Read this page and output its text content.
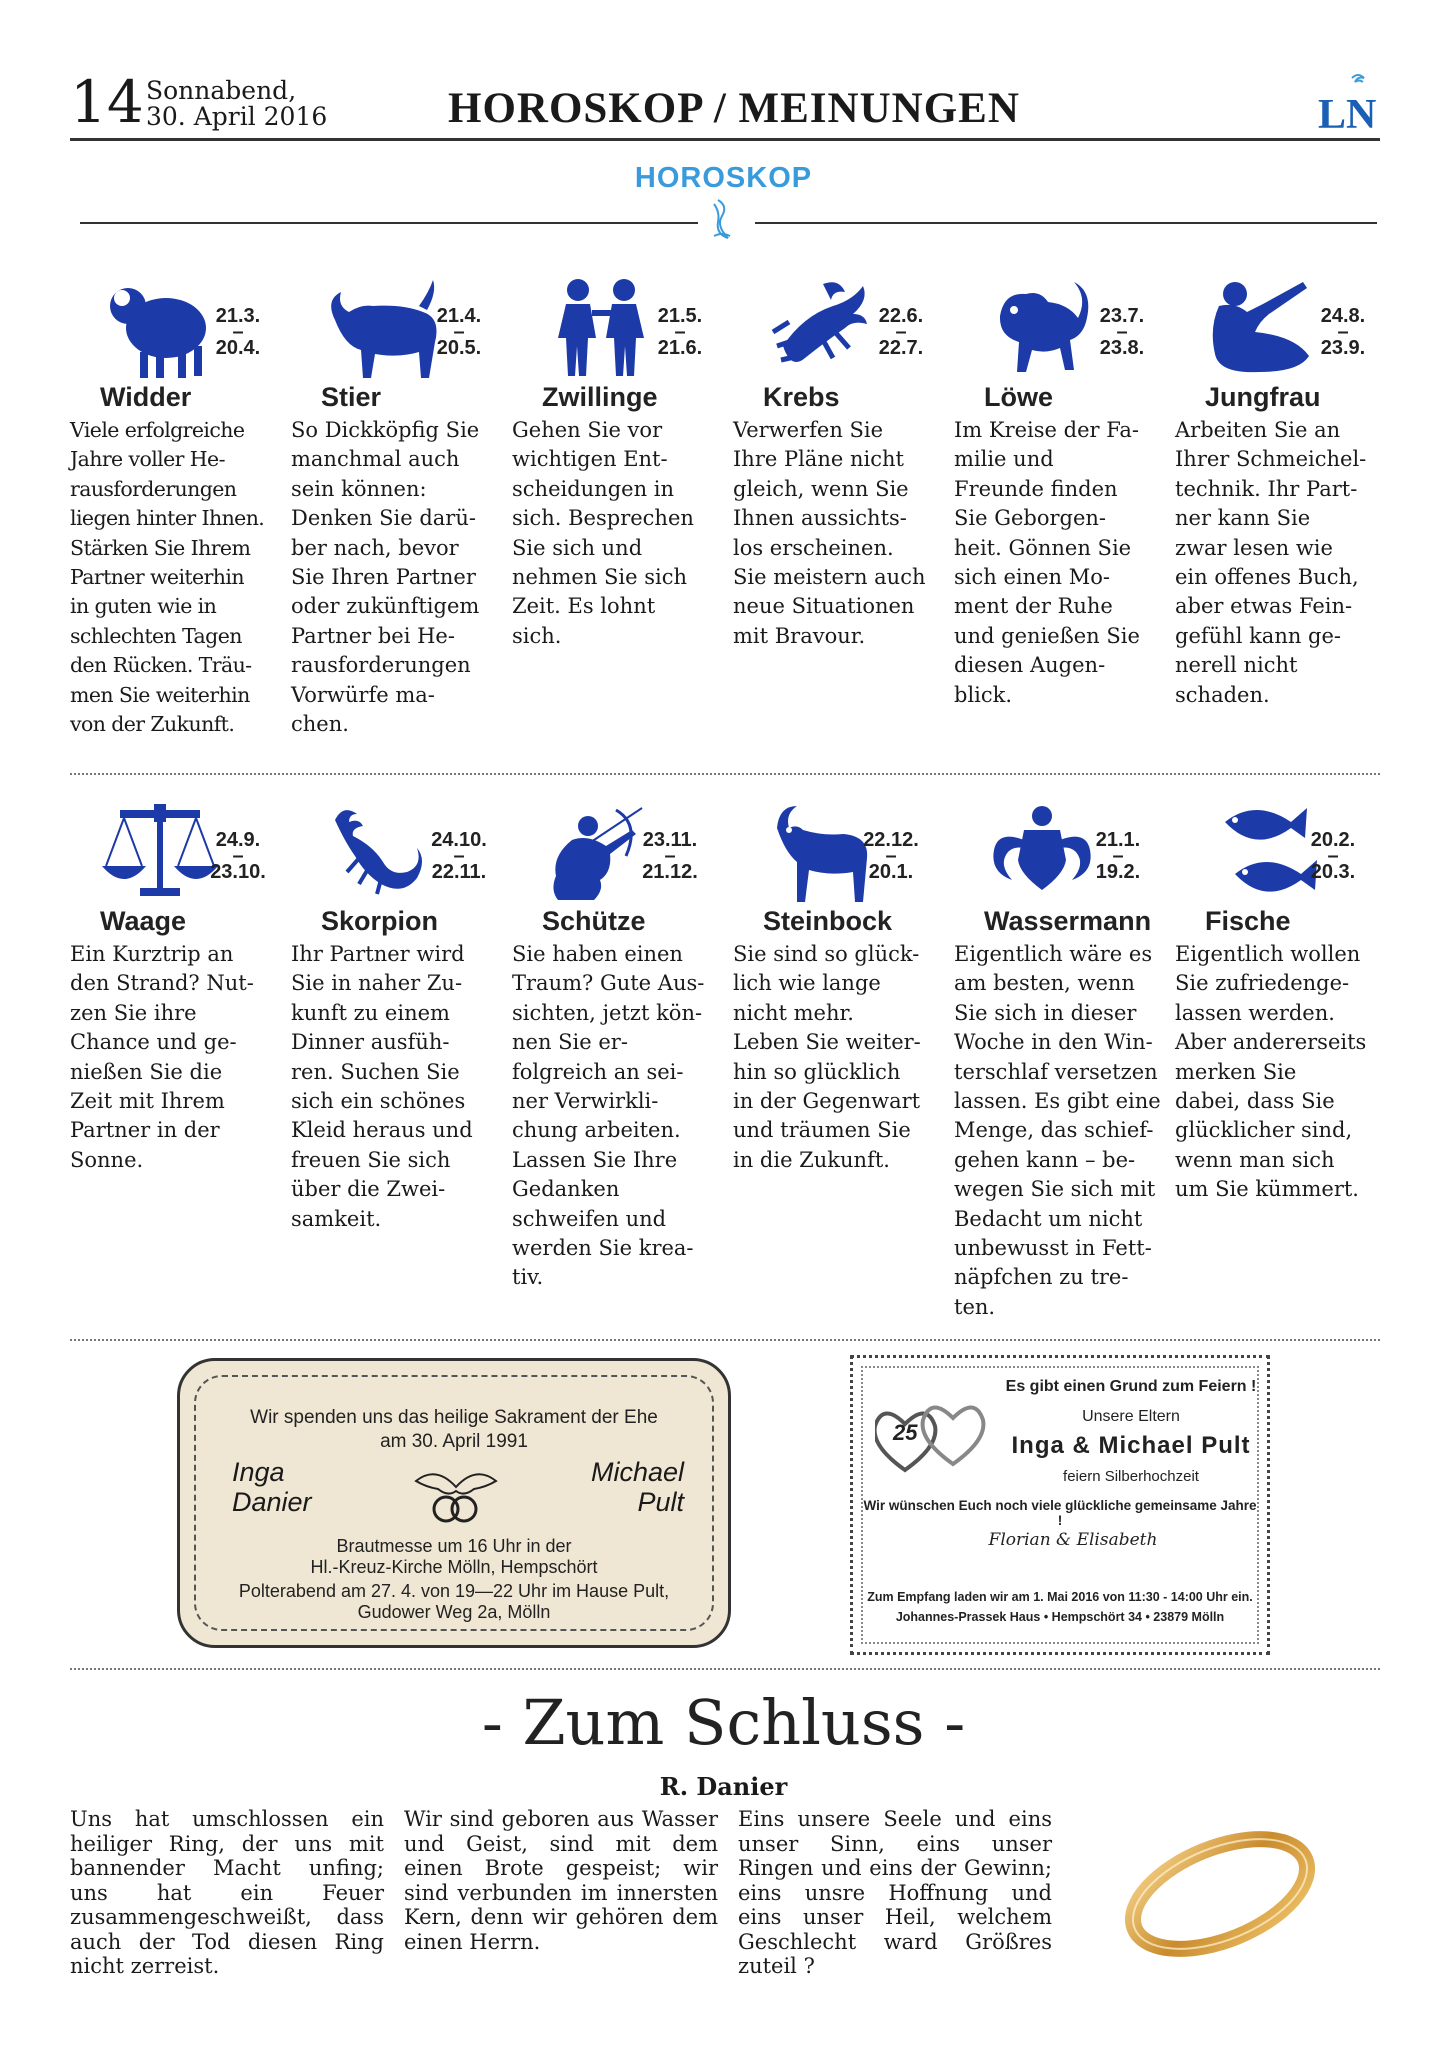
14 Sonnabend,
30. April 2016	HOROSKOP / MEINUNGEN	LN
HOROSKOP
21.3.
–
20.4.
Widder
Viele erfolgreiche
Jahre voller He-
rausforderungen
liegen hinter Ihnen.
Stärken Sie Ihrem
Partner weiterhin
in guten wie in
schlechten Tagen
den Rücken. Träu-
men Sie weiterhin
von der Zukunft.
21.4.
–
20.5.
Stier
So Dickköpfig Sie
manchmal auch
sein können:
Denken Sie darü-
ber nach, bevor
Sie Ihren Partner
oder zukünftigem
Partner bei He-
rausforderungen
Vorwürfe ma-
chen.
21.5.
–
21.6.
Zwillinge
Gehen Sie vor
wichtigen Ent-
scheidungen in
sich. Besprechen
Sie sich und
nehmen Sie sich
Zeit. Es lohnt
sich.
22.6.
–
22.7.
Krebs
Verwerfen Sie
Ihre Pläne nicht
gleich, wenn Sie
Ihnen aussichts-
los erscheinen.
Sie meistern auch
neue Situationen
mit Bravour.
23.7.
–
23.8.
Löwe
Im Kreise der Fa-
milie und
Freunde finden
Sie Geborgen-
heit. Gönnen Sie
sich einen Mo-
ment der Ruhe
und genießen Sie
diesen Augen-
blick.
24.8.
–
23.9.
Jungfrau
Arbeiten Sie an
Ihrer Schmeichel-
technik. Ihr Part-
ner kann Sie
zwar lesen wie
ein offenes Buch,
aber etwas Fein-
gefühl kann ge-
nerell nicht
schaden.
24.9.
–
23.10.
Waage
Ein Kurztrip an
den Strand? Nut-
zen Sie ihre
Chance und ge-
nießen Sie die
Zeit mit Ihrem
Partner in der
Sonne.
24.10.
–
22.11.
Skorpion
Ihr Partner wird
Sie in naher Zu-
kunft zu einem
Dinner ausfüh-
ren. Suchen Sie
sich ein schönes
Kleid heraus und
freuen Sie sich
über die Zwei-
samkeit.
23.11.
–
21.12.
Schütze
Sie haben einen
Traum? Gute Aus-
sichten, jetzt kön-
nen Sie er-
folgreich an sei-
ner Verwirkli-
chung arbeiten.
Lassen Sie Ihre
Gedanken
schweifen und
werden Sie krea-
tiv.
22.12.
–
20.1.
Steinbock
Sie sind so glück-
lich wie lange
nicht mehr.
Leben Sie weiter-
hin so glücklich
in der Gegenwart
und träumen Sie
in die Zukunft.
21.1.
–
19.2.
Wassermann
Eigentlich wäre es
am besten, wenn
Sie sich in dieser
Woche in den Win-
terschlaf versetzen
lassen. Es gibt eine
Menge, das schief-
gehen kann – be-
wegen Sie sich mit
Bedacht um nicht
unbewusst in Fett-
näpfchen zu tre-
ten.
20.2.
–
20.3.
Fische
Eigentlich wollen
Sie zufriedenge-
lassen werden.
Aber andererseits
merken Sie
dabei, dass Sie
glücklicher sind,
wenn man sich
um Sie kümmert.
Wir spenden uns das heilige Sakrament der Ehe
am 30. April 1991
Inga
Danier
Michael
Pult
Brautmesse um 16 Uhr in der
Hl.-Kreuz-Kirche Mölln, Hempschört
Polterabend am 27. 4. von 19—22 Uhr im Hause Pult,
Gudower Weg 2a, Mölln
25
Es gibt einen Grund zum Feiern !
Unsere Eltern
Inga & Michael Pult
feiern Silberhochzeit
Wir wünschen Euch noch viele glückliche gemeinsame Jahre !
Florian & Elisabeth
Zum Empfang laden wir am 1. Mai 2016 von 11:30 - 14:00 Uhr ein.
Johannes-Prassek Haus • Hempschört 34 • 23879 Mölln
- Zum Schluss -
R. Danier
Uns hat umschlossen ein heiliger Ring, der uns mit bannender Macht unfing; uns hat ein Feuer zusammengeschweißt, dass auch der Tod diesen Ring nicht zerreist.
Wir sind geboren aus Wasser und Geist, sind mit dem einen Brote gespeist; wir sind verbunden im innersten Kern, denn wir gehören dem einen Herrn.
Eins unsere Seele und eins unser Sinn, eins unser Ringen und eins der Gewinn; eins unsre Hoffnung und eins unser Heil, welchem Geschlecht ward Größres zuteil ?
